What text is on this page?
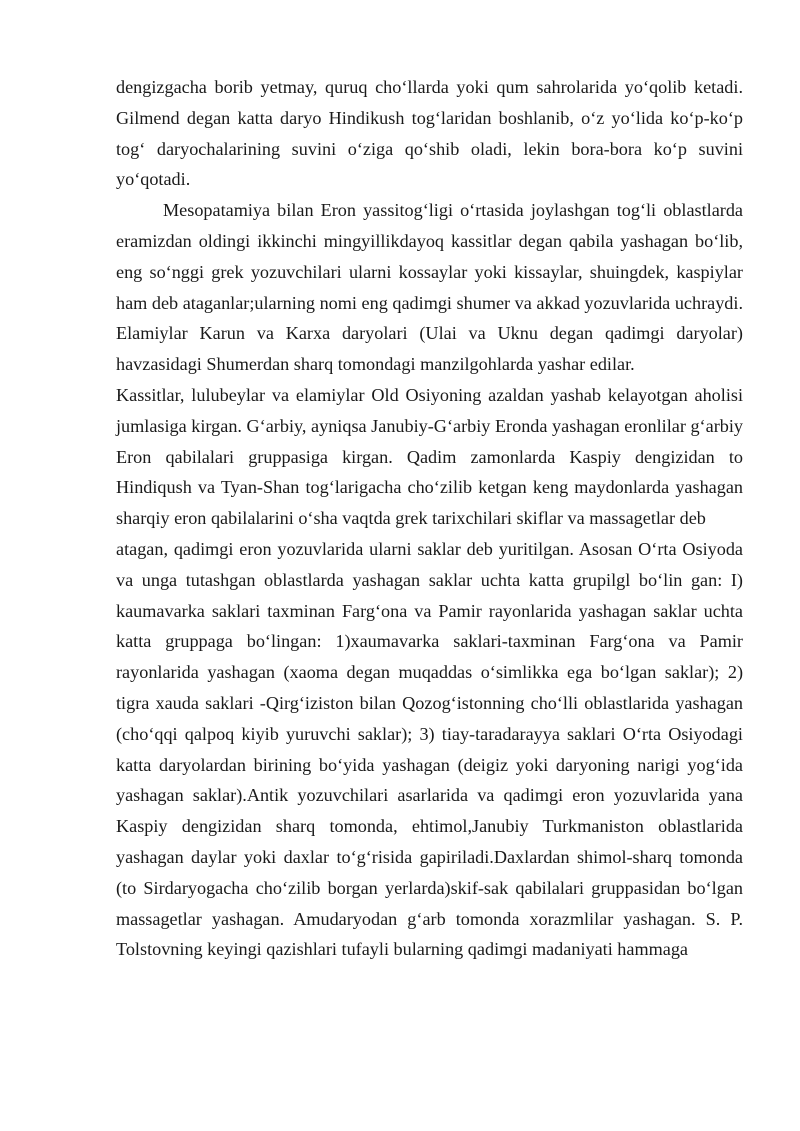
dengizgacha borib yetmay, quruq cho‘llarda yoki qum sahrolarida yo‘qolib ketadi. Gilmend degan katta daryo Hindikush tog‘laridan boshlanib, o‘z yo‘lida ko‘p-ko‘p tog‘ daryochalarining suvini o‘ziga qo‘shib oladi, lekin bora-bora ko‘p suvini yo‘qotadi.

Mesopatamiya bilan Eron yassitog‘ligi o‘rtasida joylashgan tog‘li oblastlarda eramizdan oldingi ikkinchi mingyillikdayoq kassitlar degan qabila yashagan bo‘lib, eng so‘nggi grek yozuvchilari ularni kossaylar yoki kissaylar, shuingdek, kaspiylar ham deb ataganlar;ularning nomi eng qadimgi shumer va akkad yozuvlarida uchraydi. Elamiylar Karun va Karxa daryolari (Ulai va Uknu degan qadimgi daryolar) havzasidagi Shumerdan sharq tomondagi manzilgohlarda yashar edilar.

Kassitlar, lulubeylar va elamiylar Old Osiyoning azaldan yashab kelayotgan aholisi jumlasiga kirgan. G‘arbiy, ayniqsa Janubiy-G‘arbiy Eronda yashagan eronlilar g‘arbiy Eron qabilalari gruppasiga kirgan. Qadim zamonlarda Kaspiy dengizidan to Hindiqush va Tyan-Shan tog‘larigacha cho‘zilib ketgan keng maydonlarda yashagan sharqiy eron qabilalarini o‘sha vaqtda grek tarixchilari skiflar va massagetlar deb

atagan, qadimgi eron yozuvlarida ularni saklar deb yuritilgan. Asosan O‘rta Osiyoda va unga tutashgan oblastlarda yashagan saklar uchta katta grupilgl bo‘lin gan: I) kaumavarka saklari taxminan Farg‘ona va Pamir rayonlarida yashagan saklar uchta katta gruppaga bo‘lingan: 1)xaumavarka saklari-taxminan Farg‘ona va Pamir rayonlarida yashagan (xaoma degan muqaddas o‘simlikka ega bo‘lgan saklar); 2) tigra xauda saklari -Qirg‘iziston bilan Qozog‘istonning cho‘lli oblastlarida yashagan (cho‘qqi qalpoq kiyib yuruvchi saklar); 3) tiay-taradarayya saklari O‘rta Osiyodagi katta daryolardan birining bo‘yida yashagan (deigiz yoki daryoning narigi yog‘ida yashagan saklar).Antik yozuvchilari asarlarida va qadimgi eron yozuvlarida yana Kaspiy dengizidan sharq tomonda, ehtimol,Janubiy Turkmaniston oblastlarida yashagan daylar yoki daxlar to‘g‘risida gapiriladi.Daxlardan shimol-sharq tomonda (to Sirdaryogacha cho‘zilib borgan yerlarda)skif-sak qabilalari gruppasidan bo‘lgan massagetlar yashagan. Amudaryodan g‘arb tomonda xorazmlilar yashagan. S. P. Tolstovning keyingi qazishlari tufayli bularning qadimgi madaniyati hammaga
